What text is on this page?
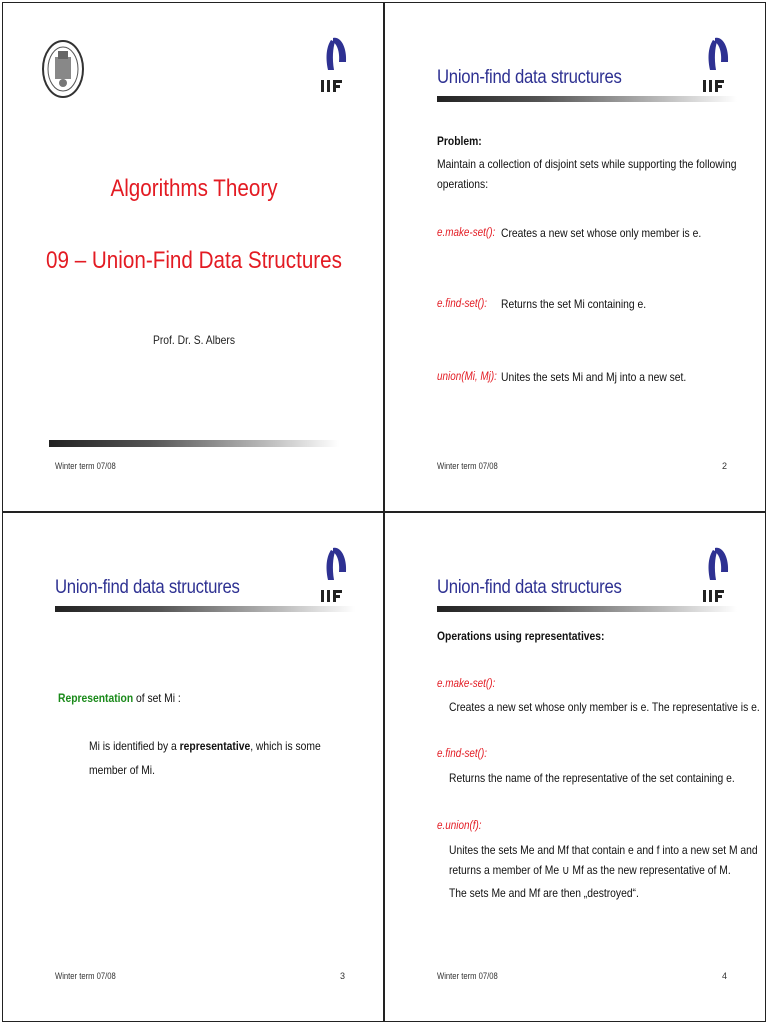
Algorithms Theory
09 – Union-Find Data Structures
Prof. Dr. S. Albers
Winter term 07/08
Union-find data structures
Problem:
Maintain a collection of disjoint sets while supporting the following
operations:
e.make-set(): Creates a new set whose only member is e.
e.find-set(): Returns the set Mi containing e.
union(Mi, Mj): Unites the sets Mi and Mj into a new set.
Winter term 07/08	2
Union-find data structures
Representation of set Mi :
Mi is identified by a representative, which is some
member of Mi.
Winter term 07/08	3
Union-find data structures
Operations using representatives:
e.make-set():
Creates a new set whose only member is e. The representative is e.
e.find-set():
Returns the name of the representative of the set containing e.
e.union(f):
Unites the sets Me and Mf that contain e and f into a new set M and
returns a member of Me ∪ Mf as the new representative of M.
The sets Me and Mf are then „destroyed“.
Winter term 07/08	4
